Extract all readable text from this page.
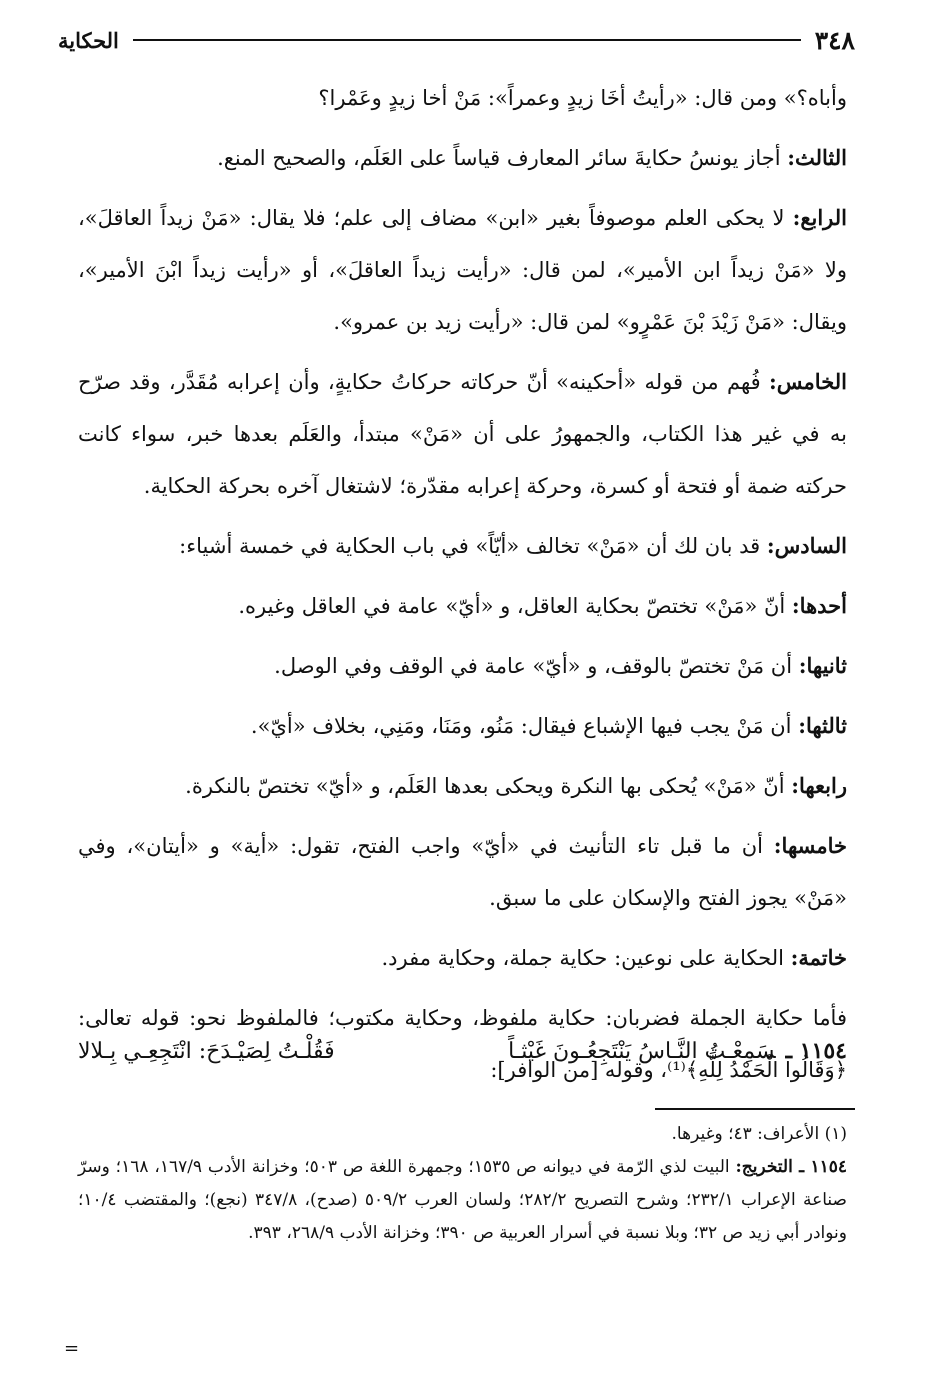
٣٤٨
الحكاية

وأباه؟» ومن قال: «رأيتُ أخَا زيدٍ وعمراً»: مَنْ أخا زيدٍ وعَمْرا؟

الثالث: أجاز يونسُ حكايةَ سائر المعارف قياساً على العَلَم، والصحيح المنع.

الرابع: لا يحكى العلم موصوفاً بغير «ابن» مضاف إلى علم؛ فلا يقال: «مَنْ زيداً العاقلَ»، ولا «مَنْ زيداً ابن الأمير»، لمن قال: «رأيت زيداً العاقلَ»، أو «رأيت زيداً ابْنَ الأمير»، ويقال: «مَنْ زَيْدَ بْنَ عَمْرٍو» لمن قال: «رأيت زيد بن عمرو».

الخامس: فُهم من قوله «أحكينه» أنّ حركاته حركاتُ حكايةٍ، وأن إعرابه مُقَدَّر، وقد صرّح به في غير هذا الكتاب، والجمهورُ على أن «مَنْ» مبتدأ، والعَلَم بعدها خبر، سواء كانت حركته ضمة أو فتحة أو كسرة، وحركة إعرابه مقدّرة؛ لاشتغال آخره بحركة الحكاية.

السادس: قد بان لك أن «مَنْ» تخالف «أيّاً» في باب الحكاية في خمسة أشياء:

أحدها: أنّ «مَنْ» تختصّ بحكاية العاقل، و «أيّ» عامة في العاقل وغيره.

ثانيها: أن مَنْ تختصّ بالوقف، و «أيّ» عامة في الوقف وفي الوصل.

ثالثها: أن مَنْ يجب فيها الإشباع فيقال: مَنُو، ومَنَا، ومَنِي، بخلاف «أيّ».

رابعها: أنّ «مَنْ» يُحكى بها النكرة ويحكى بعدها العَلَم، و «أيّ» تختصّ بالنكرة.

خامسها: أن ما قبل تاء التأنيث في «أيّ» واجب الفتح، تقول: «أية» و «أيتان»، وفي «مَنْ» يجوز الفتح والإسكان على ما سبق.

خاتمة: الحكاية على نوعين: حكاية جملة، وحكاية مفرد.

فأما حكاية الجملة فضربان: حكاية ملفوظ، وحكاية مكتوب؛ فالملفوظ نحو: قوله تعالى: ﴿وَقَالُوا الْحَمْدُ لِلَّهِ﴾⁽¹⁾، وقوله [من الوافر]:

١١٥٤ ـسَمِعْـتُ النَّـاسُ يَنْتَجِعُـونَ غَيْثـاً
فَقُلْـتُ لِصَيْـدَحَ: انْتَجِعِـي بِـلالا

(١) الأعراف: ٤٣؛ وغيرها.

١١٥٤ ـ التخريج: البيت لذي الرّمة في ديوانه ص ١٥٣٥؛ وجمهرة اللغة ص ٥٠٣؛ وخزانة الأدب ١٦٧/٩، ١٦٨؛ وسرّ صناعة الإعراب ٢٣٢/١؛ وشرح التصريح ٢٨٢/٢؛ ولسان العرب ٥٠٩/٢ (صدح)، ٣٤٧/٨ (نجع)؛ والمقتضب ١٠/٤؛ ونوادر أبي زيد ص ٣٢؛ وبلا نسبة في أسرار العربية ص ٣٩٠؛ وخزانة الأدب ٢٦٨/٩، ٣٩٣.

=
